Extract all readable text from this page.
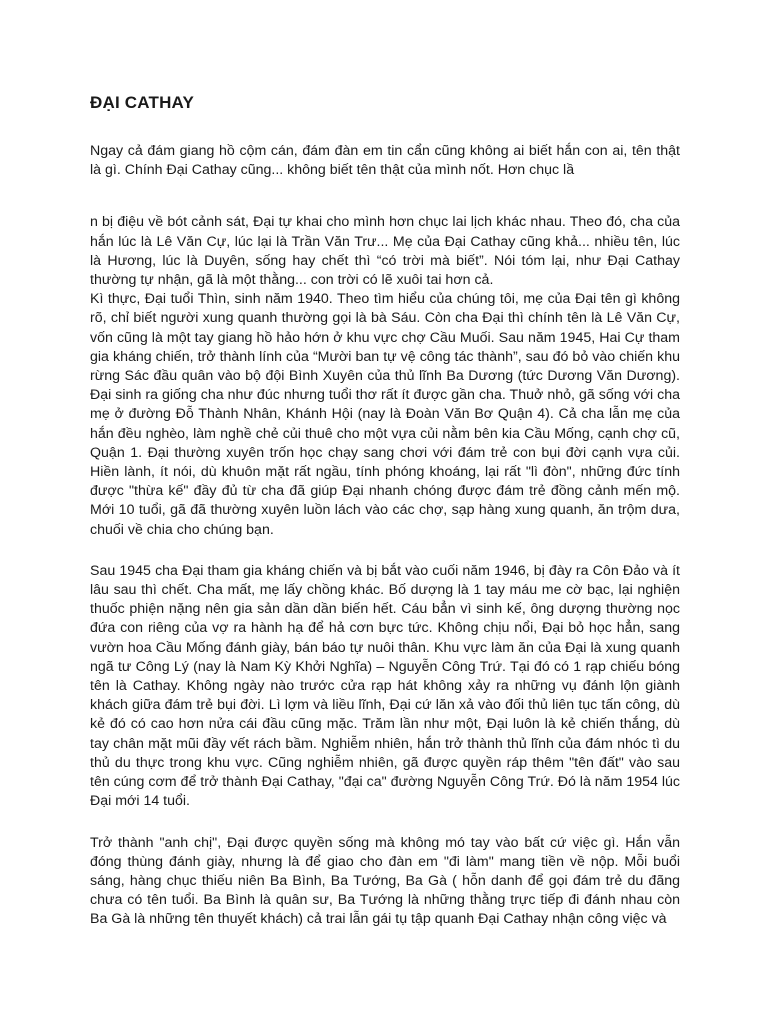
ĐẠI CATHAY

Ngay cả đám giang hồ cộm cán, đám đàn em tin cẩn cũng không ai biết hắn con ai, tên thật là gì. Chính Đại Cathay cũng... không biết tên thật của mình nốt. Hơn chục lầ

n bị điệu về bót cảnh sát, Đại tự khai cho mình hơn chục lai lịch khác nhau. Theo đó, cha của hắn lúc là Lê Văn Cự, lúc lại là Trần Văn Trư... Mẹ của Đại Cathay cũng khả... nhiều tên, lúc là Hương, lúc là Duyên, sống hay chết thì “có trời mà biết”. Nói tóm lại, như Đại Cathay thường tự nhận, gã là một thằng... con trời có lẽ xuôi tai hơn cả.

Kì thực, Đại tuổi Thìn, sinh năm 1940. Theo tìm hiểu của chúng tôi, mẹ của Đại tên gì không rõ, chỉ biết người xung quanh thường gọi là bà Sáu. Còn cha Đại thì chính tên là Lê Văn Cự, vốn cũng là một tay giang hồ hảo hớn ở khu vực chợ Cầu Muối. Sau năm 1945, Hai Cự tham gia kháng chiến, trở thành lính của “Mười ban tự vệ công tác thành”, sau đó bỏ vào chiến khu rừng Sác đầu quân vào bộ đội Bình Xuyên của thủ lĩnh Ba Dương (tức Dương Văn Dương). Đại sinh ra giống cha như đúc nhưng tuổi thơ rất ít được gần cha. Thuở nhỏ, gã sống với cha mẹ ở đường Đỗ Thành Nhân, Khánh Hội (nay là Đoàn Văn Bơ Quận 4). Cả cha lẫn mẹ của hắn đều nghèo, làm nghề chẻ củi thuê cho một vựa củi nằm bên kia Cầu Mống, cạnh chợ cũ, Quận 1. Đại thường xuyên trốn học chạy sang chơi với đám trẻ con bụi đời cạnh vựa củi. Hiền lành, ít nói, dù khuôn mặt rất ngầu, tính phóng khoáng, lại rất "lì đòn", những đức tính được "thừa kế" đầy đủ từ cha đã giúp Đại nhanh chóng được đám trẻ đồng cảnh mến mộ. Mới 10 tuổi, gã đã thường xuyên luồn lách vào các chợ, sạp hàng xung quanh, ăn trộm dưa, chuối về chia cho chúng bạn.

Sau 1945 cha Đại tham gia kháng chiến và bị bắt vào cuối năm 1946, bị đày ra Côn Đảo và ít lâu sau thì chết. Cha mất, mẹ lấy chồng khác. Bố dượng là 1 tay máu me cờ bạc, lại nghiện thuốc phiện nặng nên gia sản dần dần biến hết. Cáu bẳn vì sinh kế, ông dượng thường nọc đứa con riêng của vợ ra hành hạ để hả cơn bực tức. Không chịu nổi, Đại bỏ học hẳn, sang vườn hoa Cầu Mống đánh giày, bán báo tự nuôi thân. Khu vực làm ăn của Đại là xung quanh ngã tư Công Lý (nay là Nam Kỳ Khởi Nghĩa) – Nguyễn Công Trứ. Tại đó có 1 rạp chiếu bóng tên là Cathay. Không ngày nào trước cửa rạp hát không xảy ra những vụ đánh lộn giành khách giữa đám trẻ bụi đời. Lì lợm và liều lĩnh, Đại cứ lăn xả vào đối thủ liên tục tấn công, dù kẻ đó có cao hơn nửa cái đầu cũng mặc. Trăm lần như một, Đại luôn là kẻ chiến thắng, dù tay chân mặt mũi đầy vết rách bầm. Nghiễm nhiên, hắn trở thành thủ lĩnh của đám nhóc tì du thủ du thực trong khu vực. Cũng nghiễm nhiên, gã được quyền ráp thêm "tên đất" vào sau tên cúng cơm để trở thành Đại Cathay, "đại ca" đường Nguyễn Công Trứ. Đó là năm 1954 lúc Đại mới 14 tuổi.

Trở thành "anh chị", Đại được quyền sống mà không mó tay vào bất cứ việc gì. Hắn vẫn đóng thùng đánh giày, nhưng là để giao cho đàn em "đi làm" mang tiền về nộp. Mỗi buổi sáng, hàng chục thiếu niên Ba Bình, Ba Tướng, Ba Gà ( hỗn danh để gọi đám trẻ du đãng chưa có tên tuổi. Ba Bình là quân sư, Ba Tướng là những thằng trực tiếp đi đánh nhau còn Ba Gà là những tên thuyết khách) cả trai lẫn gái tụ tập quanh Đại Cathay nhận công việc và
